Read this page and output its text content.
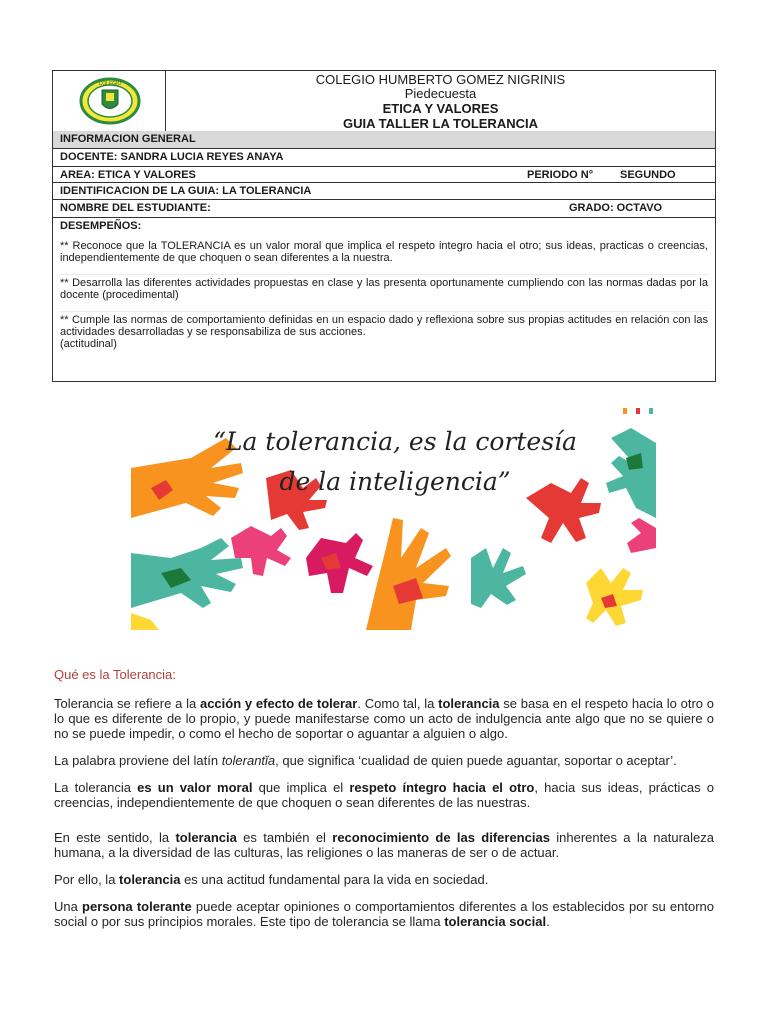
COLEGIO	COLEGIO HUMBERTO GOMEZ NIGRINIS
Piedecuesta
ETICA Y VALORES
GUIA TALLER LA TOLERANCIA
INFORMACION GENERAL
DOCENTE: SANDRA LUCIA REYES ANAYA
AREA: ETICA Y VALORES	PERIODO N° SEGUNDO
IDENTIFICACION DE LA GUIA: LA TOLERANCIA
NOMBRE DEL ESTUDIANTE:	GRADO: OCTAVO
DESEMPEÑOS:

** Reconoce que la TOLERANCIA es un valor moral que implica el respeto integro hacia el otro; sus ideas, practicas o creencias, independientemente de que choquen o sean diferentes a la nuestra.

** Desarrolla las diferentes actividades propuestas en clase y las presenta oportunamente cumpliendo con las normas dadas por la docente (procedimental)

** Cumple las normas de comportamiento definidas en un espacio dado y reflexiona sobre sus propias actitudes en relación con las actividades desarrolladas y se responsabiliza de sus acciones.

(actitudinal)

“La tolerancia, es la cortesía
de la inteligencia”
Qué es la Tolerancia:

Tolerancia se refiere a la acción y efecto de tolerar. Como tal, la tolerancia se basa en el respeto hacia lo otro o lo que es diferente de lo propio, y puede manifestarse como un acto de indulgencia ante algo que no se quiere o no se puede impedir, o como el hecho de soportar o aguantar a alguien o algo.

La palabra proviene del latín tolerantĭa, que significa ‘cualidad de quien puede aguantar, soportar o aceptar’.

La tolerancia es un valor moral que implica el respeto íntegro hacia el otro, hacia sus ideas, prácticas o creencias, independientemente de que choquen o sean diferentes de las nuestras.

En este sentido, la tolerancia es también el reconocimiento de las diferencias inherentes a la naturaleza humana, a la diversidad de las culturas, las religiones o las maneras de ser o de actuar.

Por ello, la tolerancia es una actitud fundamental para la vida en sociedad.

Una persona tolerante puede aceptar opiniones o comportamientos diferentes a los establecidos por su entorno social o por sus principios morales. Este tipo de tolerancia se llama tolerancia social.
